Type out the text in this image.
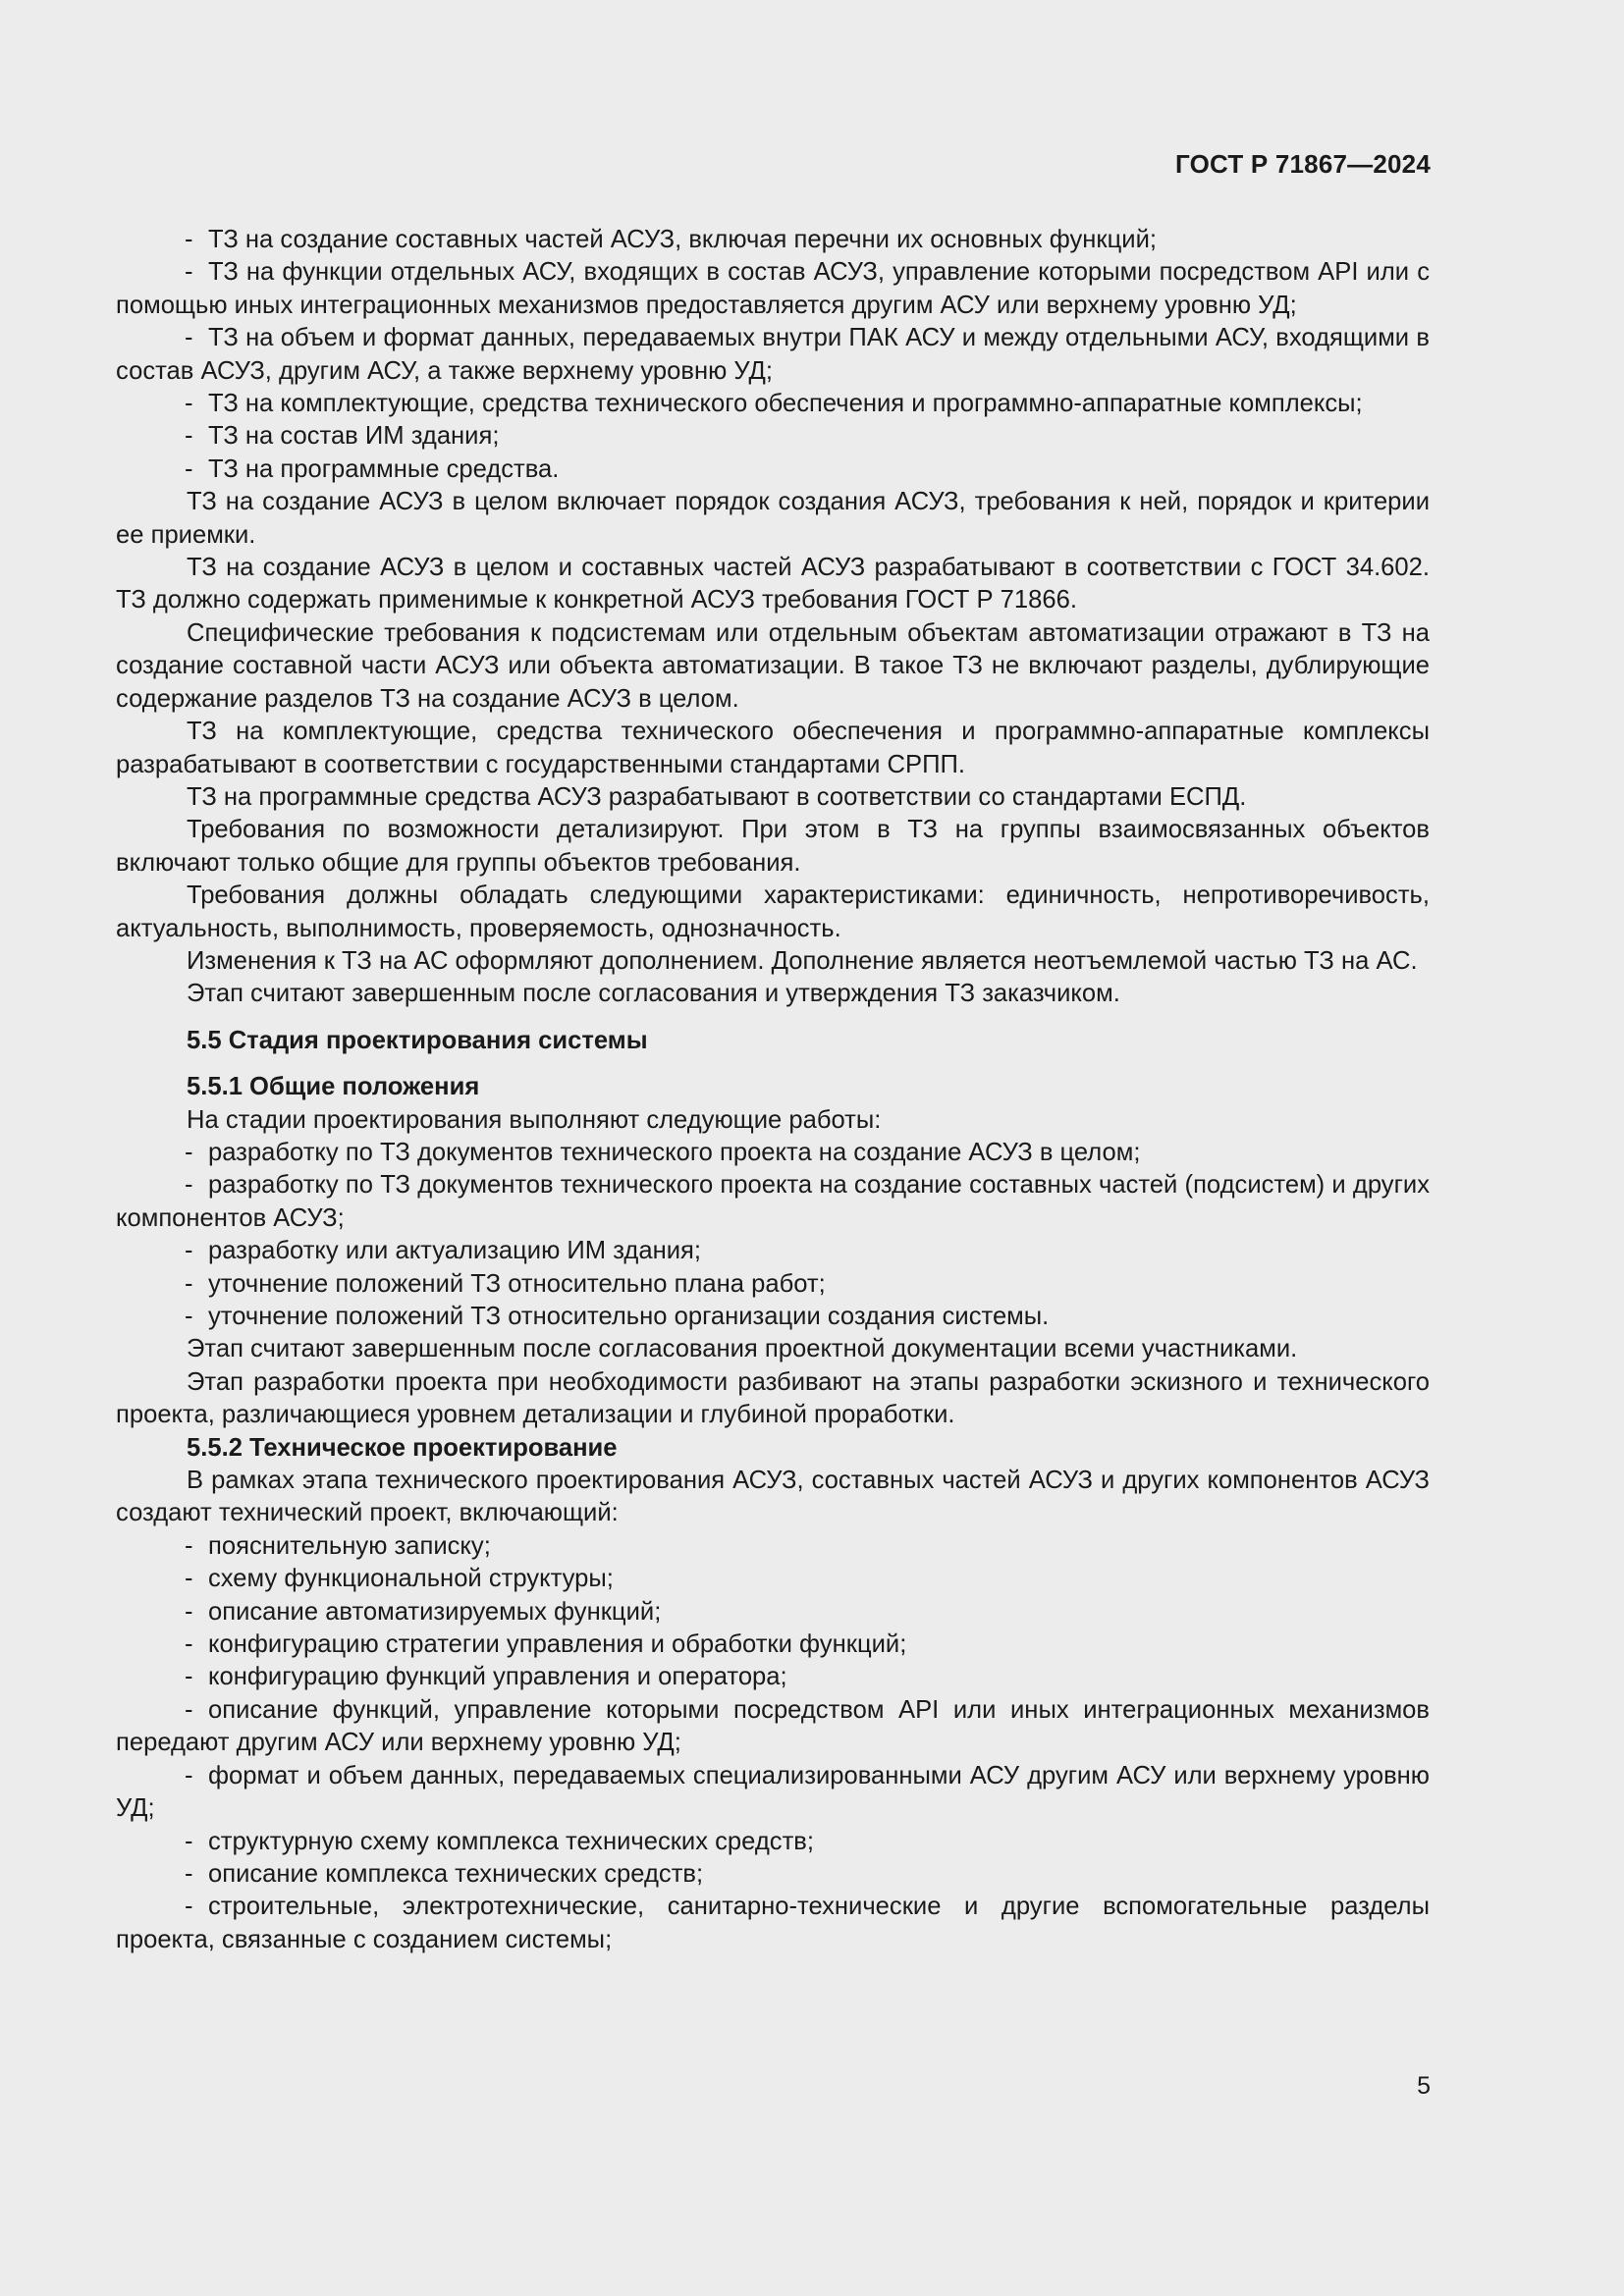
ГОСТ Р 71867—2024

- ТЗ на создание составных частей АСУЗ, включая перечни их основных функций;

- ТЗ на функции отдельных АСУ, входящих в состав АСУЗ, управление которыми посредством API или с помощью иных интеграционных механизмов предоставляется другим АСУ или верхнему уровню УД;

- ТЗ на объем и формат данных, передаваемых внутри ПАК АСУ и между отдельными АСУ, входящими в состав АСУЗ, другим АСУ, а также верхнему уровню УД;

- ТЗ на комплектующие, средства технического обеспечения и программно-аппаратные комплексы;

- ТЗ на состав ИМ здания;

- ТЗ на программные средства.

ТЗ на создание АСУЗ в целом включает порядок создания АСУЗ, требования к ней, порядок и критерии ее приемки.

ТЗ на создание АСУЗ в целом и составных частей АСУЗ разрабатывают в соответствии с ГОСТ 34.602. ТЗ должно содержать применимые к конкретной АСУЗ требования ГОСТ Р 71866.

Специфические требования к подсистемам или отдельным объектам автоматизации отражают в ТЗ на создание составной части АСУЗ или объекта автоматизации. В такое ТЗ не включают разделы, дублирующие содержание разделов ТЗ на создание АСУЗ в целом.

ТЗ на комплектующие, средства технического обеспечения и программно-аппаратные комплексы разрабатывают в соответствии с государственными стандартами СРПП.

ТЗ на программные средства АСУЗ разрабатывают в соответствии со стандартами ЕСПД.

Требования по возможности детализируют. При этом в ТЗ на группы взаимосвязанных объектов включают только общие для группы объектов требования.

Требования должны обладать следующими характеристиками: единичность, непротиворечивость, актуальность, выполнимость, проверяемость, однозначность.

Изменения к ТЗ на АС оформляют дополнением. Дополнение является неотъемлемой частью ТЗ на АС.

Этап считают завершенным после согласования и утверждения ТЗ заказчиком.

5.5 Стадия проектирования системы

5.5.1 Общие положения

На стадии проектирования выполняют следующие работы:

- разработку по ТЗ документов технического проекта на создание АСУЗ в целом;

- разработку по ТЗ документов технического проекта на создание составных частей (подсистем) и других компонентов АСУЗ;

- разработку или актуализацию ИМ здания;

- уточнение положений ТЗ относительно плана работ;

- уточнение положений ТЗ относительно организации создания системы.

Этап считают завершенным после согласования проектной документации всеми участниками.

Этап разработки проекта при необходимости разбивают на этапы разработки эскизного и технического проекта, различающиеся уровнем детализации и глубиной проработки.

5.5.2 Техническое проектирование

В рамках этапа технического проектирования АСУЗ, составных частей АСУЗ и других компонентов АСУЗ создают технический проект, включающий:

- пояснительную записку;

- схему функциональной структуры;

- описание автоматизируемых функций;

- конфигурацию стратегии управления и обработки функций;

- конфигурацию функций управления и оператора;

- описание функций, управление которыми посредством API или иных интеграционных механизмов передают другим АСУ или верхнему уровню УД;

- формат и объем данных, передаваемых специализированными АСУ другим АСУ или верхнему уровню УД;

- структурную схему комплекса технических средств;

- описание комплекса технических средств;

- строительные, электротехнические, санитарно-технические и другие вспомогательные разделы проекта, связанные с созданием системы;

5
